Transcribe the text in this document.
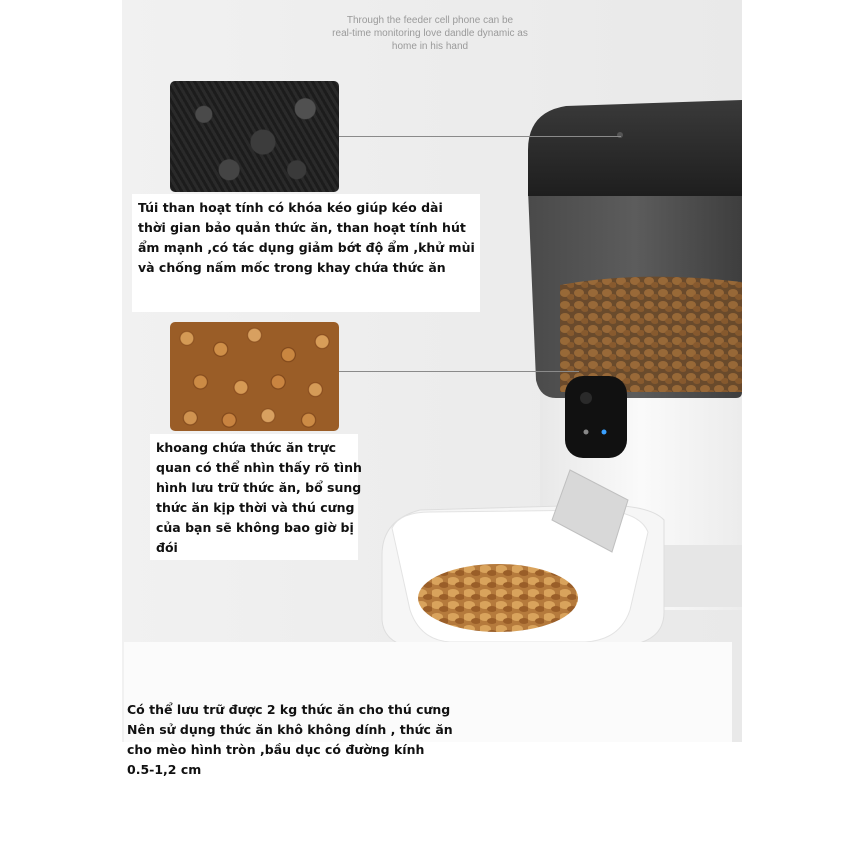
Through the feeder cell phone can be
real-time monitoring love dandle dynamic as
home in his hand
Túi than hoạt tính có khóa kéo giúp kéo dài
thời gian bảo quản thức ăn, than hoạt tính hút
ẩm mạnh ,có tác dụng giảm bớt độ ẩm ,khử mùi
và chống nấm mốc trong khay chứa thức ăn
khoang chứa thức ăn trực
quan có thể nhìn thấy rõ tình
hình lưu trữ thức ăn, bổ sung
thức ăn kịp thời và thú cưng
của bạn sẽ không bao giờ bị
đói
Có thể lưu trữ được 2 kg thức ăn cho thú cưng
Nên sử dụng thức ăn khô không dính , thức ăn
cho mèo hình tròn ,bầu dục có đường kính
0.5-1,2 cm
